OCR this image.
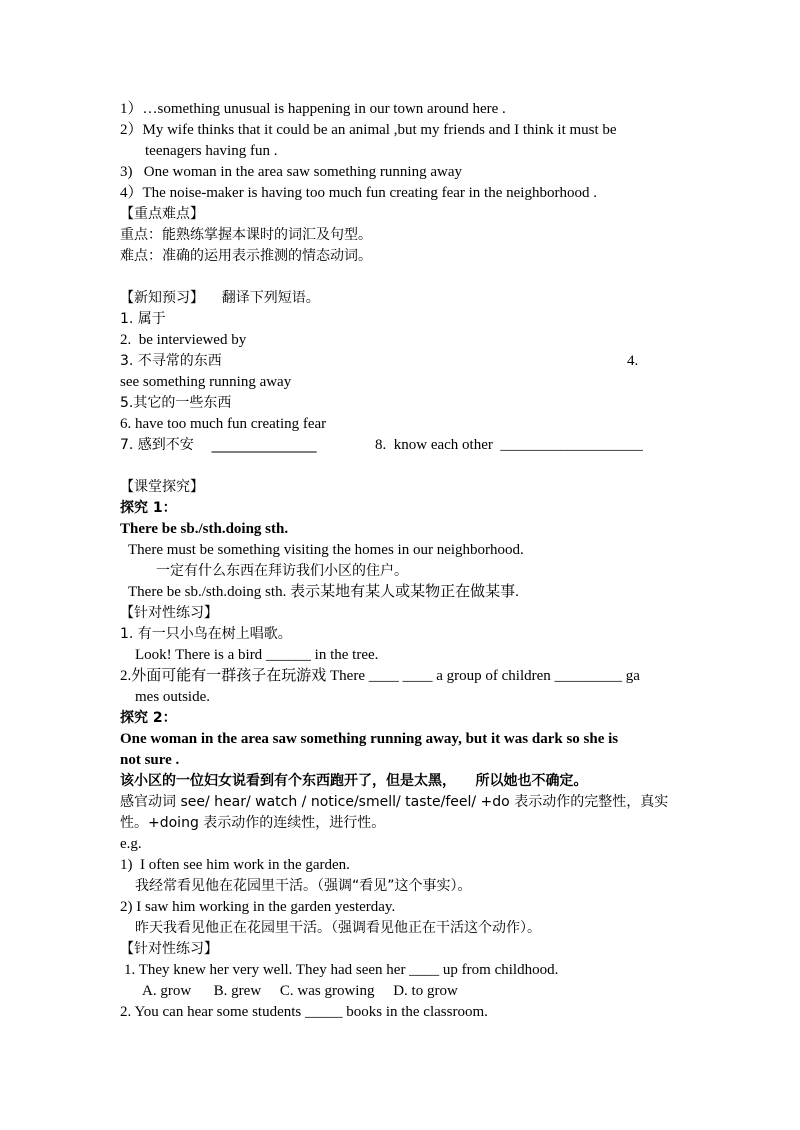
1）…something unusual is happening in our town around here .
2）My wife thinks that it could be an animal ,but my friends and I think it must be
teenagers having fun .
3)   One woman in the area saw something running away
4）The noise-maker is having too much fun creating fear in the neighborhood .
【重点难点】
重点：能熟练掌握本课时的词汇及句型。
难点：准确的运用表示推测的情态动词。
【新知预习】    翻译下列短语。
1. 属于
2.  be interviewed by
3. 不寻常的东西	4.
see something running away
5.其它的一些东西
6. have too much fun creating fear
7. 感到不安    _______________	8.  know each other  ___________________
【课堂探究】
探究 1：
There be sb./sth.doing sth.
There must be something visiting the homes in our neighborhood.
一定有什么东西在拜访我们小区的住户。
There be sb./sth.doing sth. 表示某地有某人或某物正在做某事.
【针对性练习】
1. 有一只小鸟在树上唱歌。
Look! There is a bird ______ in the tree.
2.外面可能有一群孩子在玩游戏 There ____ ____ a group of children _________ ga
mes outside.
探究 2：
One woman in the area saw something running away, but it was dark so she is
not sure .
该小区的一位妇女说看到有个东西跑开了，但是太黑，    所以她也不确定。
感官动词 see/ hear/ watch / notice/smell/ taste/feel/ +do 表示动作的完整性，真实
性。+doing 表示动作的连续性，进行性。
e.g.
1)  I often see him work in the garden.
我经常看见他在花园里干活。（强调“看见”这个事实）。
2) I saw him working in the garden yesterday.
昨天我看见他正在花园里干活。（强调看见他正在干活这个动作）。
【针对性练习】
1. They knew her very well. They had seen her ____ up from childhood.
A. grow      B. grew     C. was growing     D. to grow
2. You can hear some students _____ books in the classroom.
